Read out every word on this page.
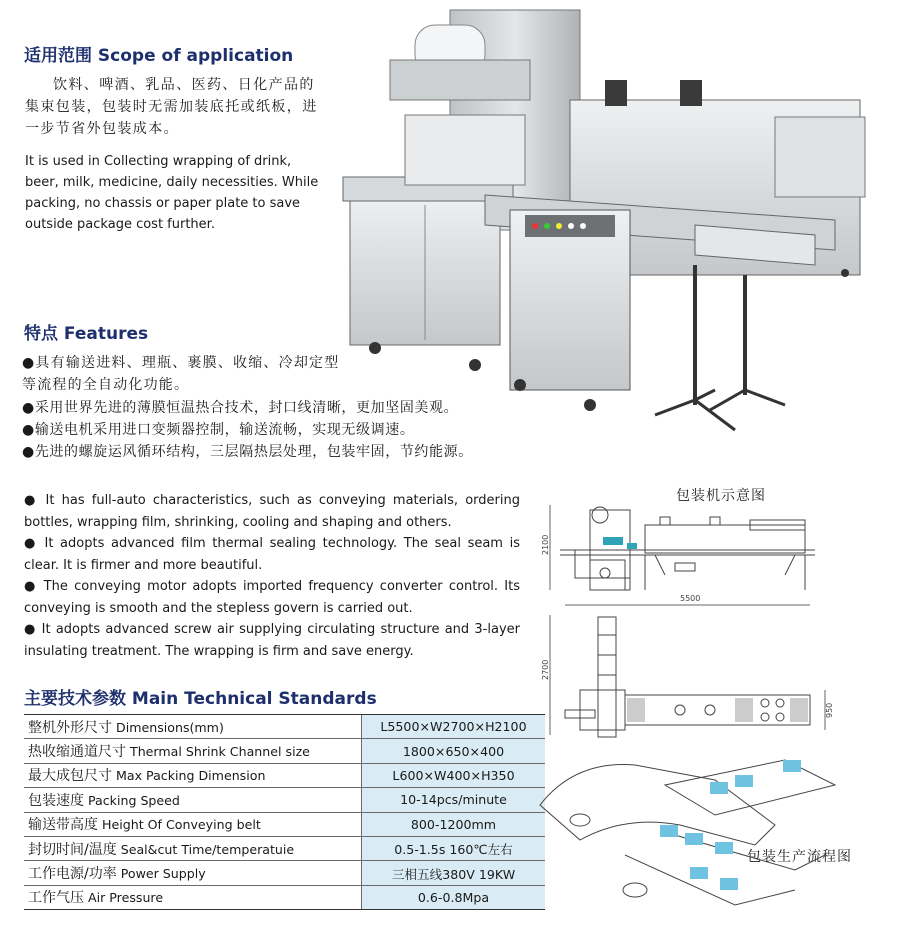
适用范围 Scope of application
饮料、啤酒、乳品、医药、日化产品的集束包装，包装时无需加装底托或纸板，进一步节省外包装成本。
It is used in Collecting wrapping of drink, beer, milk, medicine, daily necessities. While packing, no chassis or paper plate to save outside package cost further.
特点 Features
●具有输送进料、理瓶、裹膜、收缩、冷却定型等流程的全自动化功能。
●采用世界先进的薄膜恒温热合技术，封口线清晰，更加坚固美观。
●输送电机采用进口变频器控制，输送流畅，实现无级调速。
●先进的螺旋运风循环结构，三层隔热层处理，包装牢固，节约能源。

● It has full-auto characteristics, such as conveying materials, ordering bottles, wrapping film, shrinking, cooling and shaping and others.

● It adopts advanced film thermal sealing technology. The seal seam is clear. It is firmer and more beautiful.

● The conveying motor adopts imported frequency converter control. Its conveying is smooth and the stepless govern is carried out.

● It adopts advanced screw air supplying circulating structure and 3-layer insulating treatment. The wrapping is firm and save energy.

主要技术参数 Main Technical Standards
整机外形尺寸 Dimensions(mm)	L5500×W2700×H2100
热收缩通道尺寸 Thermal Shrink Channel size	1800×650×400
最大成包尺寸 Max Packing Dimension	L600×W400×H350
包装速度 Packing Speed	10-14pcs/minute
输送带高度 Height Of Conveying belt	800-1200mm
封切时间/温度 Seal&cut Time/temperatuie	0.5-1.5s 160℃左右
工作电源/功率 Power Supply	三相五线380V 19KW
工作气压 Air Pressure	0.6-0.8Mpa
包装机示意图
包装生产流程图
2100
5500
2700
950
